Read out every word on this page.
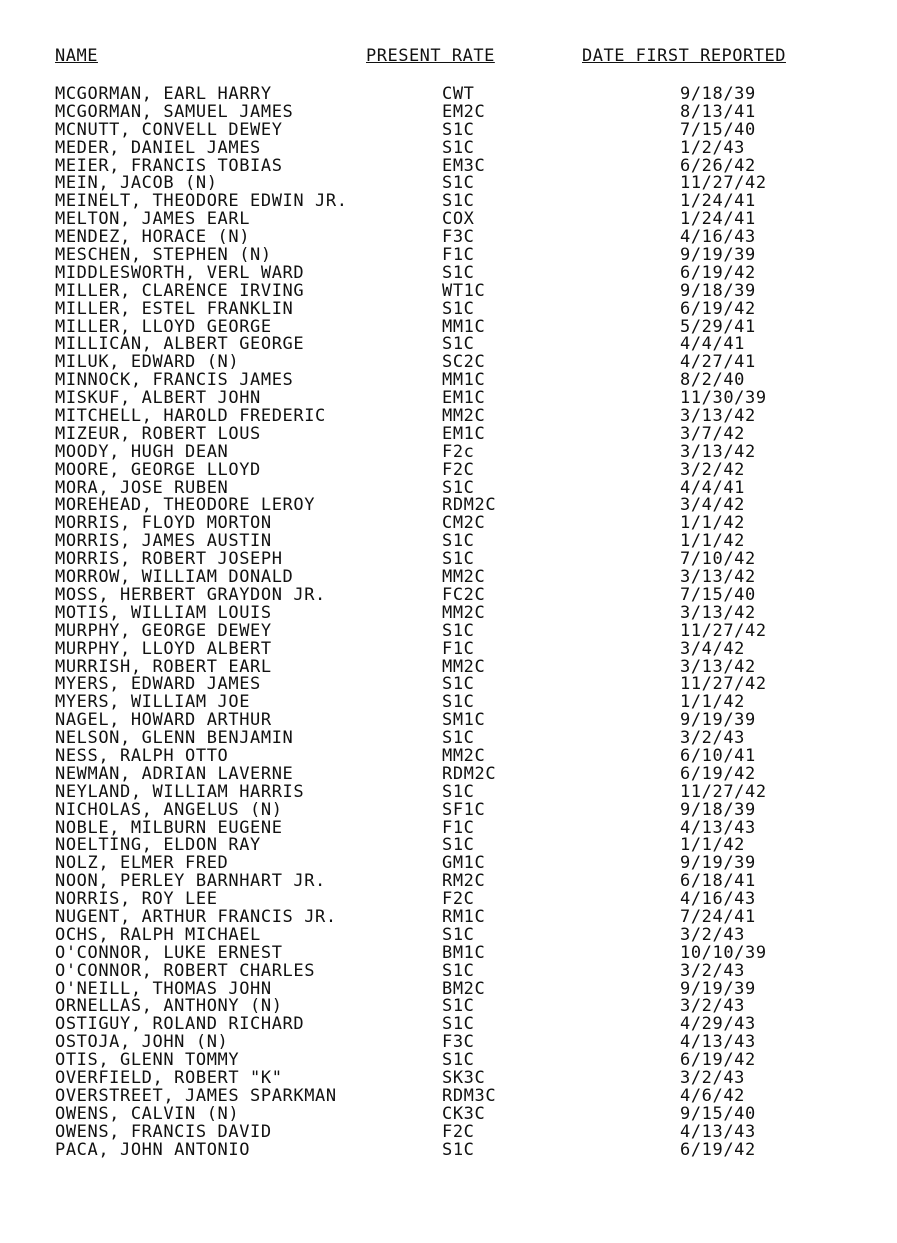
NAME	PRESENT RATE	DATE FIRST REPORTED
MCGORMAN, EARL HARRY	CWT	9/18/39
MCGORMAN, SAMUEL JAMES	EM2C	8/13/41
MCNUTT, CONVELL DEWEY	S1C	7/15/40
MEDER, DANIEL JAMES	S1C	1/2/43
MEIER, FRANCIS TOBIAS	EM3C	6/26/42
MEIN, JACOB (N)	S1C	11/27/42
MEINELT, THEODORE EDWIN JR.	S1C	1/24/41
MELTON, JAMES EARL	COX	1/24/41
MENDEZ, HORACE (N)	F3C	4/16/43
MESCHEN, STEPHEN (N)	F1C	9/19/39
MIDDLESWORTH, VERL WARD	S1C	6/19/42
MILLER, CLARENCE IRVING	WT1C	9/18/39
MILLER, ESTEL FRANKLIN	S1C	6/19/42
MILLER, LLOYD GEORGE	MM1C	5/29/41
MILLICAN, ALBERT GEORGE	S1C	4/4/41
MILUK, EDWARD (N)	SC2C	4/27/41
MINNOCK, FRANCIS JAMES	MM1C	8/2/40
MISKUF, ALBERT JOHN	EM1C	11/30/39
MITCHELL, HAROLD FREDERIC	MM2C	3/13/42
MIZEUR, ROBERT LOUS	EM1C	3/7/42
MOODY, HUGH DEAN	F2c	3/13/42
MOORE, GEORGE LLOYD	F2C	3/2/42
MORA, JOSE RUBEN	S1C	4/4/41
MOREHEAD, THEODORE LEROY	RDM2C	3/4/42
MORRIS, FLOYD MORTON	CM2C	1/1/42
MORRIS, JAMES AUSTIN	S1C	1/1/42
MORRIS, ROBERT JOSEPH	S1C	7/10/42
MORROW, WILLIAM DONALD	MM2C	3/13/42
MOSS, HERBERT GRAYDON JR.	FC2C	7/15/40
MOTIS, WILLIAM LOUIS	MM2C	3/13/42
MURPHY, GEORGE DEWEY	S1C	11/27/42
MURPHY, LLOYD ALBERT	F1C	3/4/42
MURRISH, ROBERT EARL	MM2C	3/13/42
MYERS, EDWARD JAMES	S1C	11/27/42
MYERS, WILLIAM JOE	S1C	1/1/42
NAGEL, HOWARD ARTHUR	SM1C	9/19/39
NELSON, GLENN BENJAMIN	S1C	3/2/43
NESS, RALPH OTTO	MM2C	6/10/41
NEWMAN, ADRIAN LAVERNE	RDM2C	6/19/42
NEYLAND, WILLIAM HARRIS	S1C	11/27/42
NICHOLAS, ANGELUS (N)	SF1C	9/18/39
NOBLE, MILBURN EUGENE	F1C	4/13/43
NOELTING, ELDON RAY	S1C	1/1/42
NOLZ, ELMER FRED	GM1C	9/19/39
NOON, PERLEY BARNHART JR.	RM2C	6/18/41
NORRIS, ROY LEE	F2C	4/16/43
NUGENT, ARTHUR FRANCIS JR.	RM1C	7/24/41
OCHS, RALPH MICHAEL	S1C	3/2/43
O'CONNOR, LUKE ERNEST	BM1C	10/10/39
O'CONNOR, ROBERT CHARLES	S1C	3/2/43
O'NEILL, THOMAS JOHN	BM2C	9/19/39
ORNELLAS, ANTHONY (N)	S1C	3/2/43
OSTIGUY, ROLAND RICHARD	S1C	4/29/43
OSTOJA, JOHN (N)	F3C	4/13/43
OTIS, GLENN TOMMY	S1C	6/19/42
OVERFIELD, ROBERT "K"	SK3C	3/2/43
OVERSTREET, JAMES SPARKMAN	RDM3C	4/6/42
OWENS, CALVIN (N)	CK3C	9/15/40
OWENS, FRANCIS DAVID	F2C	4/13/43
PACA, JOHN ANTONIO	S1C	6/19/42
